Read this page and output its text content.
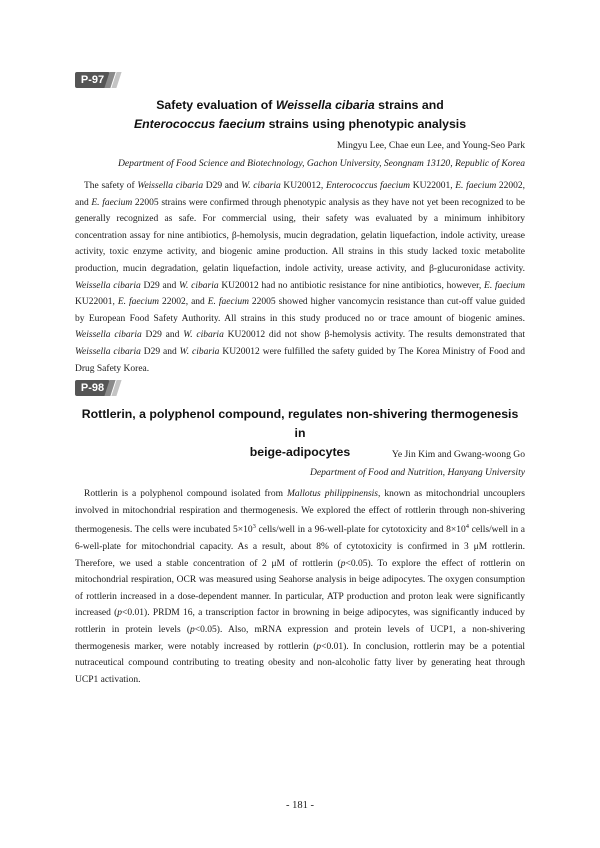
P-97
Safety evaluation of Weissella cibaria strains and
Enterococcus faecium strains using phenotypic analysis
Mingyu Lee, Chae eun Lee, and Young-Seo Park
Department of Food Science and Biotechnology, Gachon University, Seongnam 13120, Republic of Korea

The safety of Weissella cibaria D29 and W. cibaria KU20012, Enterococcus faecium KU22001, E. faecium 22002, and E. faecium 22005 strains were confirmed through phenotypic analysis as they have not yet been recognized to be generally recognized as safe. For commercial using, their safety was evaluated by a minimum inhibitory concentration assay for nine antibiotics, β-hemolysis, mucin degradation, gelatin liquefaction, indole activity, urease activity, toxic enzyme activity, and biogenic amine production. All strains in this study lacked toxic metabolite production, mucin degradation, gelatin liquefaction, indole activity, urease activity, and β-glucuronidase activity. Weissella cibaria D29 and W. cibaria KU20012 had no antibiotic resistance for nine antibiotics, however, E. faecium KU22001, E. faecium 22002, and E. faecium 22005 showed higher vancomycin resistance than cut-off value guided by European Food Safety Authority. All strains in this study produced no or trace amount of biogenic amines. Weissella cibaria D29 and W. cibaria KU20012 did not show β-hemolysis activity. The results demonstrated that Weissella cibaria D29 and W. cibaria KU20012 were fulfilled the safety guided by The Korea Ministry of Food and Drug Safety Korea.

P-98
Rottlerin, a polyphenol compound, regulates non-shivering thermogenesis in
beige-adipocytes	Ye Jin Kim and Gwang-woong Go
Department of Food and Nutrition, Hanyang University

Rottlerin is a polyphenol compound isolated from Mallotus philippinensis, known as mitochondrial uncouplers involved in mitochondrial respiration and thermogenesis. We explored the effect of rottlerin through non-shivering thermogenesis. The cells were incubated $5\times 10^3$ cells/well in a 96-well-plate for cytotoxicity and $8\times 10^4$ cells/well in a 6-well-plate for mitochondrial capacity. As a result, about 8% of cytotoxicity is confirmed in 3 μM rottlerin. Therefore, we used a stable concentration of 2 μM of rottlerin (p<0.05). To explore the effect of rottlerin on mitochondrial respiration, OCR was measured using Seahorse analysis in beige adipocytes. The oxygen consumption of rottlerin increased in a dose-dependent manner. In particular, ATP production and proton leak were significantly increased (p<0.01). PRDM 16, a transcription factor in browning in beige adipocytes, was significantly induced by rottlerin in protein levels (p<0.05). Also, mRNA expression and protein levels of UCP1, a non-shivering thermogenesis marker, were notably increased by rottlerin (p<0.01). In conclusion, rottlerin may be a potential nutraceutical compound contributing to treating obesity and non-alcoholic fatty liver by generating heat through UCP1 activation.

- 181 -
